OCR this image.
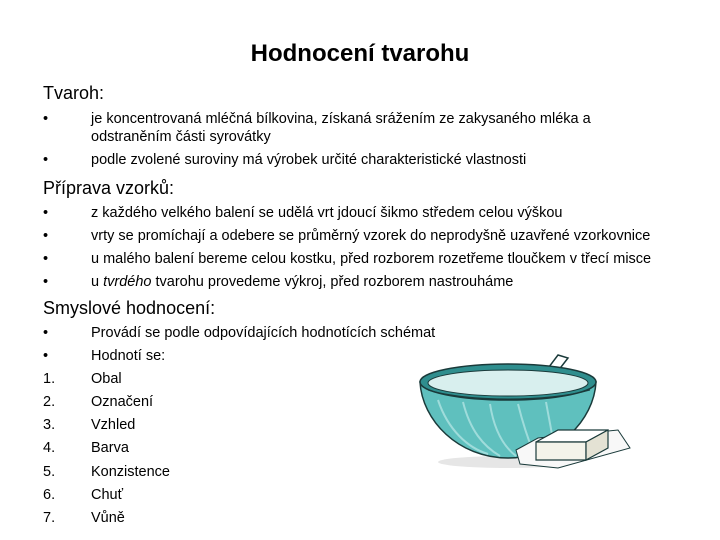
Hodnocení tvarohu
Tvaroh:
•	je koncentrovaná mléčná bílkovina, získaná srážením ze zakysaného mléka a odstraněním části syrovátky
•	podle zvolené suroviny má výrobek určité charakteristické vlastnosti
Příprava vzorků:
•	z každého velkého balení se udělá vrt jdoucí šikmo středem celou výškou
•	vrty se promíchají a odebere se průměrný vzorek do neprodyšně uzavřené vzorkovnice
•	u malého balení bereme celou kostku, před rozborem rozetřeme tloučkem v třecí misce
•	u tvrdého tvarohu provedeme výkroj, před rozborem nastrouháme
Smyslové hodnocení:
•	Provádí se podle odpovídajících hodnotících schémat
•	Hodnotí se:
1.	Obal
2.	Označení
3.	Vzhled
4.	Barva
5.	Konzistence
6.	Chuť
7.	Vůně
